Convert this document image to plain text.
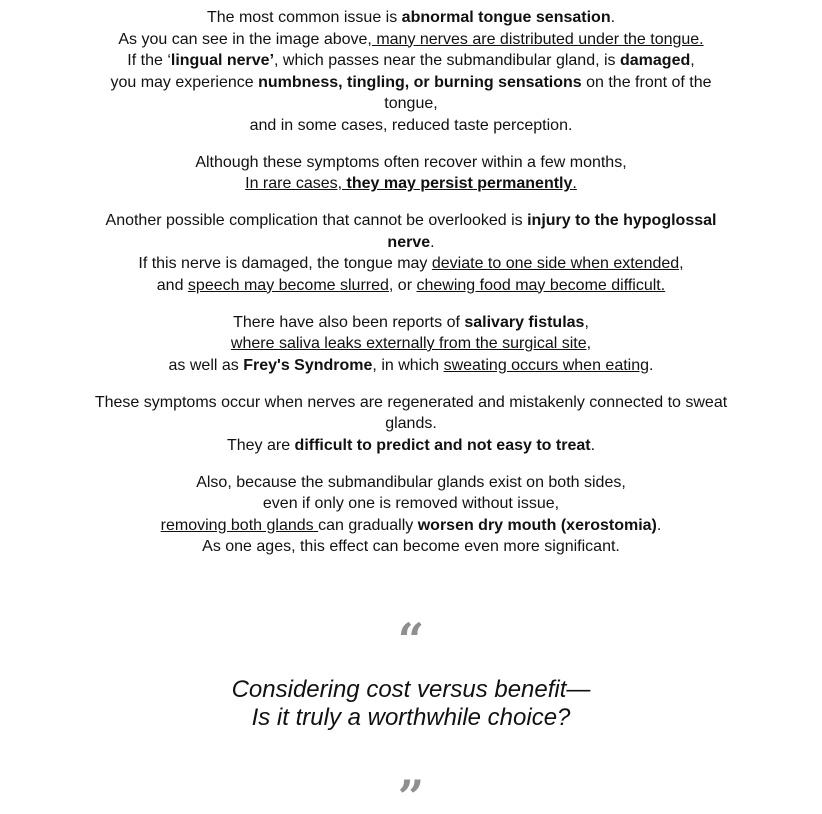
The most common issue is abnormal tongue sensation.
As you can see in the image above, many nerves are distributed under the tongue.
If the ‘lingual nerve’, which passes near the submandibular gland, is damaged,
you may experience numbness, tingling, or burning sensations on the front of the tongue,
and in some cases, reduced taste perception.

Although these symptoms often recover within a few months,
In rare cases, they may persist permanently.

Another possible complication that cannot be overlooked is injury to the hypoglossal nerve.
If this nerve is damaged, the tongue may deviate to one side when extended,
and speech may become slurred, or chewing food may become difficult.

There have also been reports of salivary fistulas,
where saliva leaks externally from the surgical site,
as well as Frey's Syndrome, in which sweating occurs when eating.

These symptoms occur when nerves are regenerated and mistakenly connected to sweat glands.
They are difficult to predict and not easy to treat.

Also, because the submandibular glands exist on both sides,
even if only one is removed without issue,
removing both glands can gradually worsen dry mouth (xerostomia).
As one ages, this effect can become even more significant.

“
Considering cost versus benefit—
Is it truly a worthwhile choice?
”
